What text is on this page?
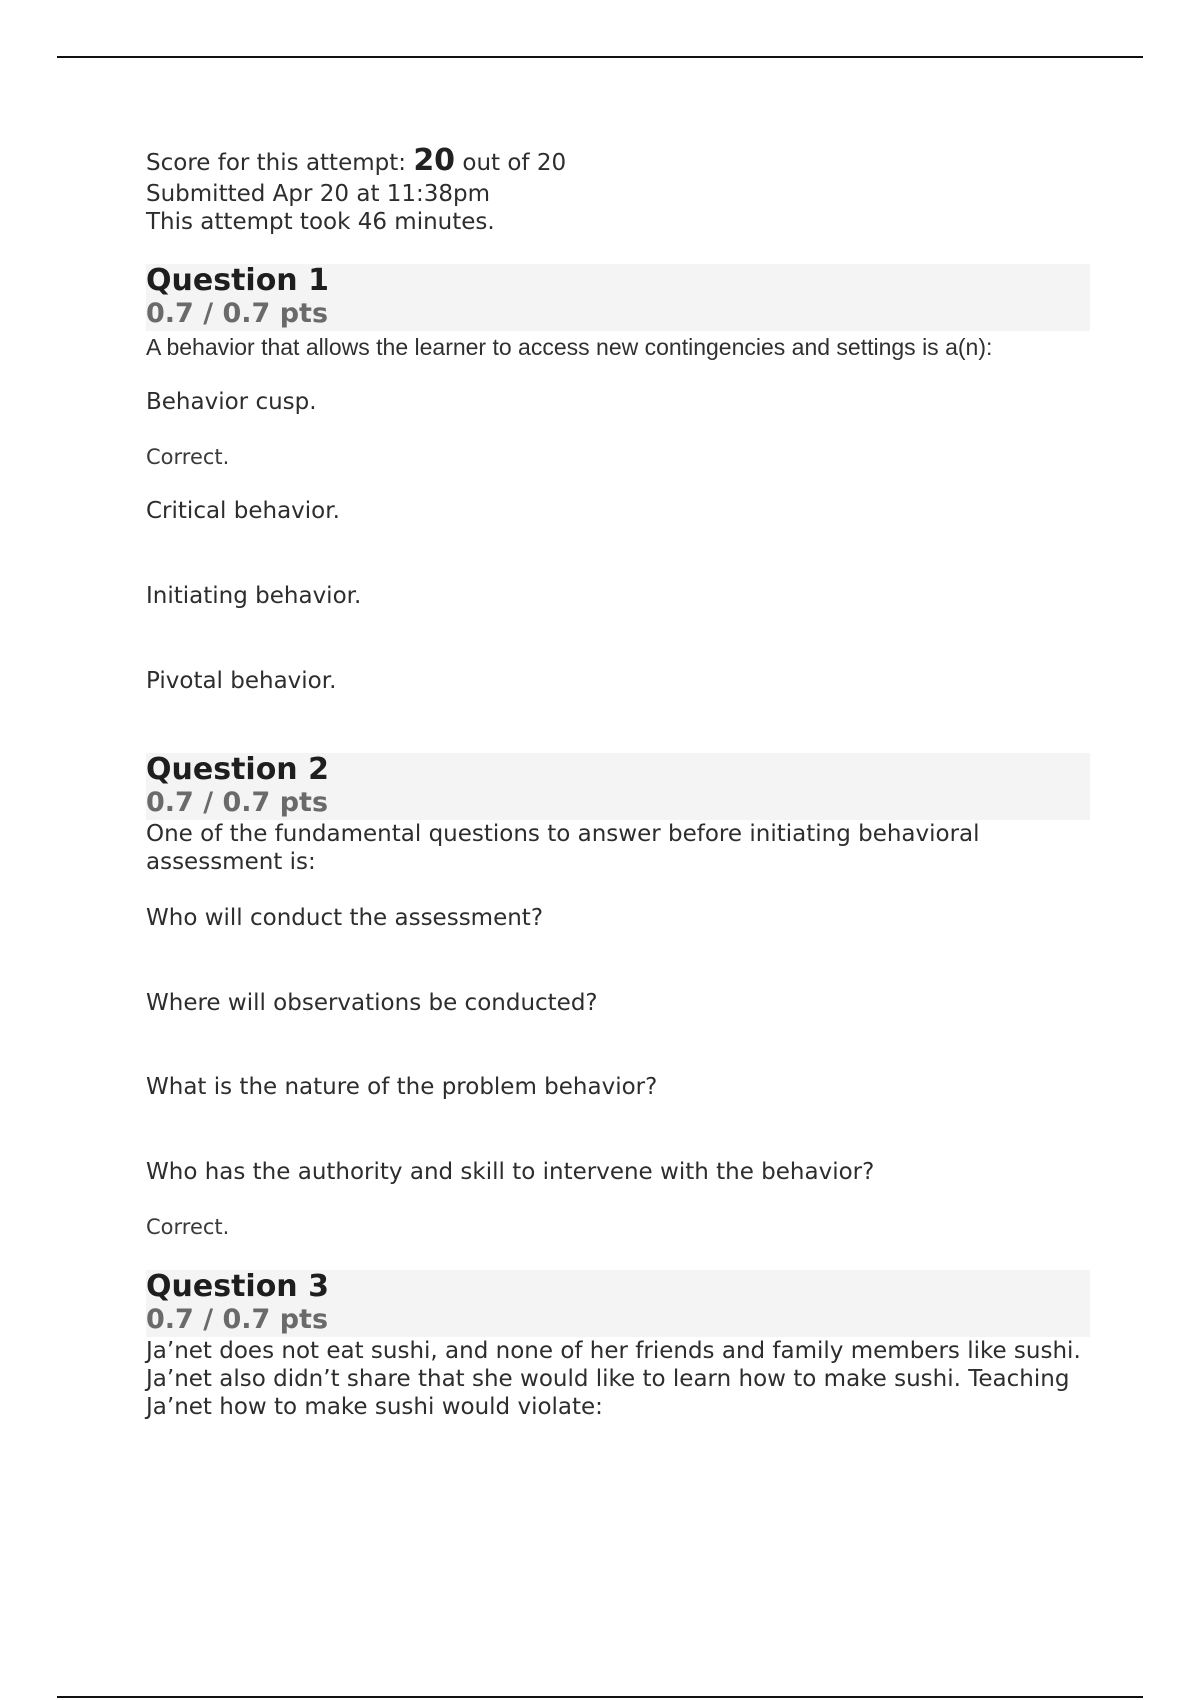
Score for this attempt: 20 out of 20
Submitted Apr 20 at 11:38pm
This attempt took 46 minutes.
Question 1
0.7 / 0.7 pts
A behavior that allows the learner to access new contingencies and settings is a(n):
Behavior cusp.
Correct.
Critical behavior.
Initiating behavior.
Pivotal behavior.
Question 2
0.7 / 0.7 pts
One of the fundamental questions to answer before initiating behavioral assessment is:
Who will conduct the assessment?
Where will observations be conducted?
What is the nature of the problem behavior?
Who has the authority and skill to intervene with the behavior?
Correct.
Question 3
0.7 / 0.7 pts
Ja’net does not eat sushi, and none of her friends and family members like sushi. Ja’net also didn’t share that she would like to learn how to make sushi. Teaching Ja’net how to make sushi would violate:
